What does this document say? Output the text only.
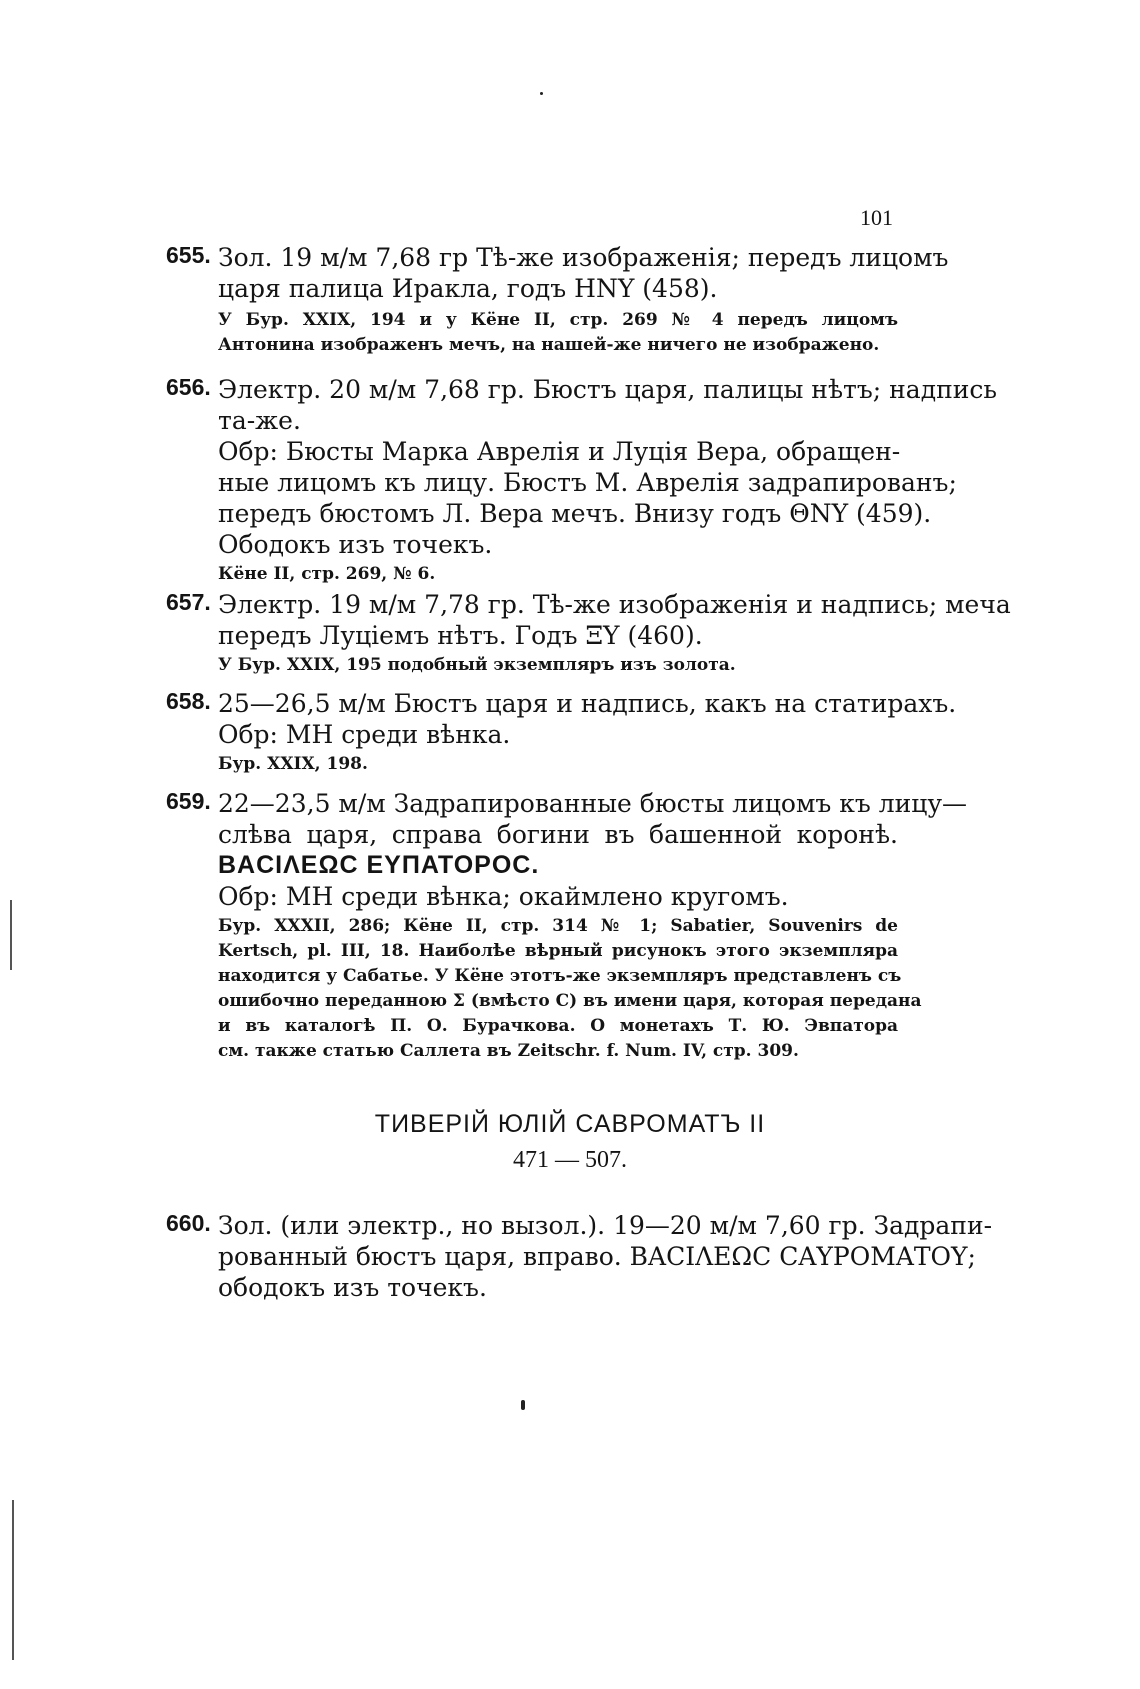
101
655. Зол. 19 м/м 7,68 гр Тѣ-же изображенія; передъ лицомъ
царя палица Иракла, годъ HNY (458).
У Бур. XXIX, 194 и у Кёне II, стр. 269 № 4 передъ лицомъ
Антонина изображенъ мечъ, на нашей-же ничего не изображено.
656. Электр. 20 м/м 7,68 гр. Бюстъ царя, палицы нѣтъ; надпись
та-же.
Обр: Бюсты Марка Аврелія и Луція Вера, обращен-
ные лицомъ къ лицу. Бюстъ М. Аврелія задрапированъ;
передъ бюстомъ Л. Вера мечъ. Внизу годъ ΘNY (459).
Ободокъ изъ точекъ.
Кёне II, стр. 269, № 6.
657. Электр. 19 м/м 7,78 гр. Тѣ-же изображенія и надпись; меча
передъ Луціемъ нѣтъ. Годъ ΞY (460).
У Бур. XXIX, 195 подобный экземпляръ изъ золота.
658. 25—26,5 м/м Бюстъ царя и надпись, какъ на статирахъ.
Обр: MH среди вѣнка.
Бур. XXIX, 198.
659. 22—23,5 м/м Задрапированные бюсты лицомъ къ лицу—
слѣва царя, справа богини въ башенной коронѣ.
ΒΑCΙΛΕΩC ΕΥΠΑΤΟΡΟC.
Обр: MH среди вѣнка; окаймлено кругомъ.
Бур. XXXII, 286; Кёне II, стр. 314 № 1; Sabatier, Souvenirs de
Kertsch, pl. III, 18. Наиболѣе вѣрный рисунокъ этого экземпляра
находится у Сабатье. У Кёне этотъ-же экземпляръ представленъ съ
ошибочно переданною Σ (вмѣсто C) въ имени царя, которая передана
и въ каталогѣ П. О. Бурачкова. О монетахъ Т. Ю. Эвпатора
см. также статью Саллета въ Zeitschr. f. Num. IV, стр. 309.
ТИВЕРІЙ ЮЛІЙ САВРОМАТЪ II
471 — 507.
660. Зол. (или электр., но вызол.). 19—20 м/м 7,60 гр. Задрапи-
рованный бюстъ царя, вправо. ΒΑCΙΛΕΩC CΑΥΡΟΜΑΤΟΥ;
ободокъ изъ точекъ.
